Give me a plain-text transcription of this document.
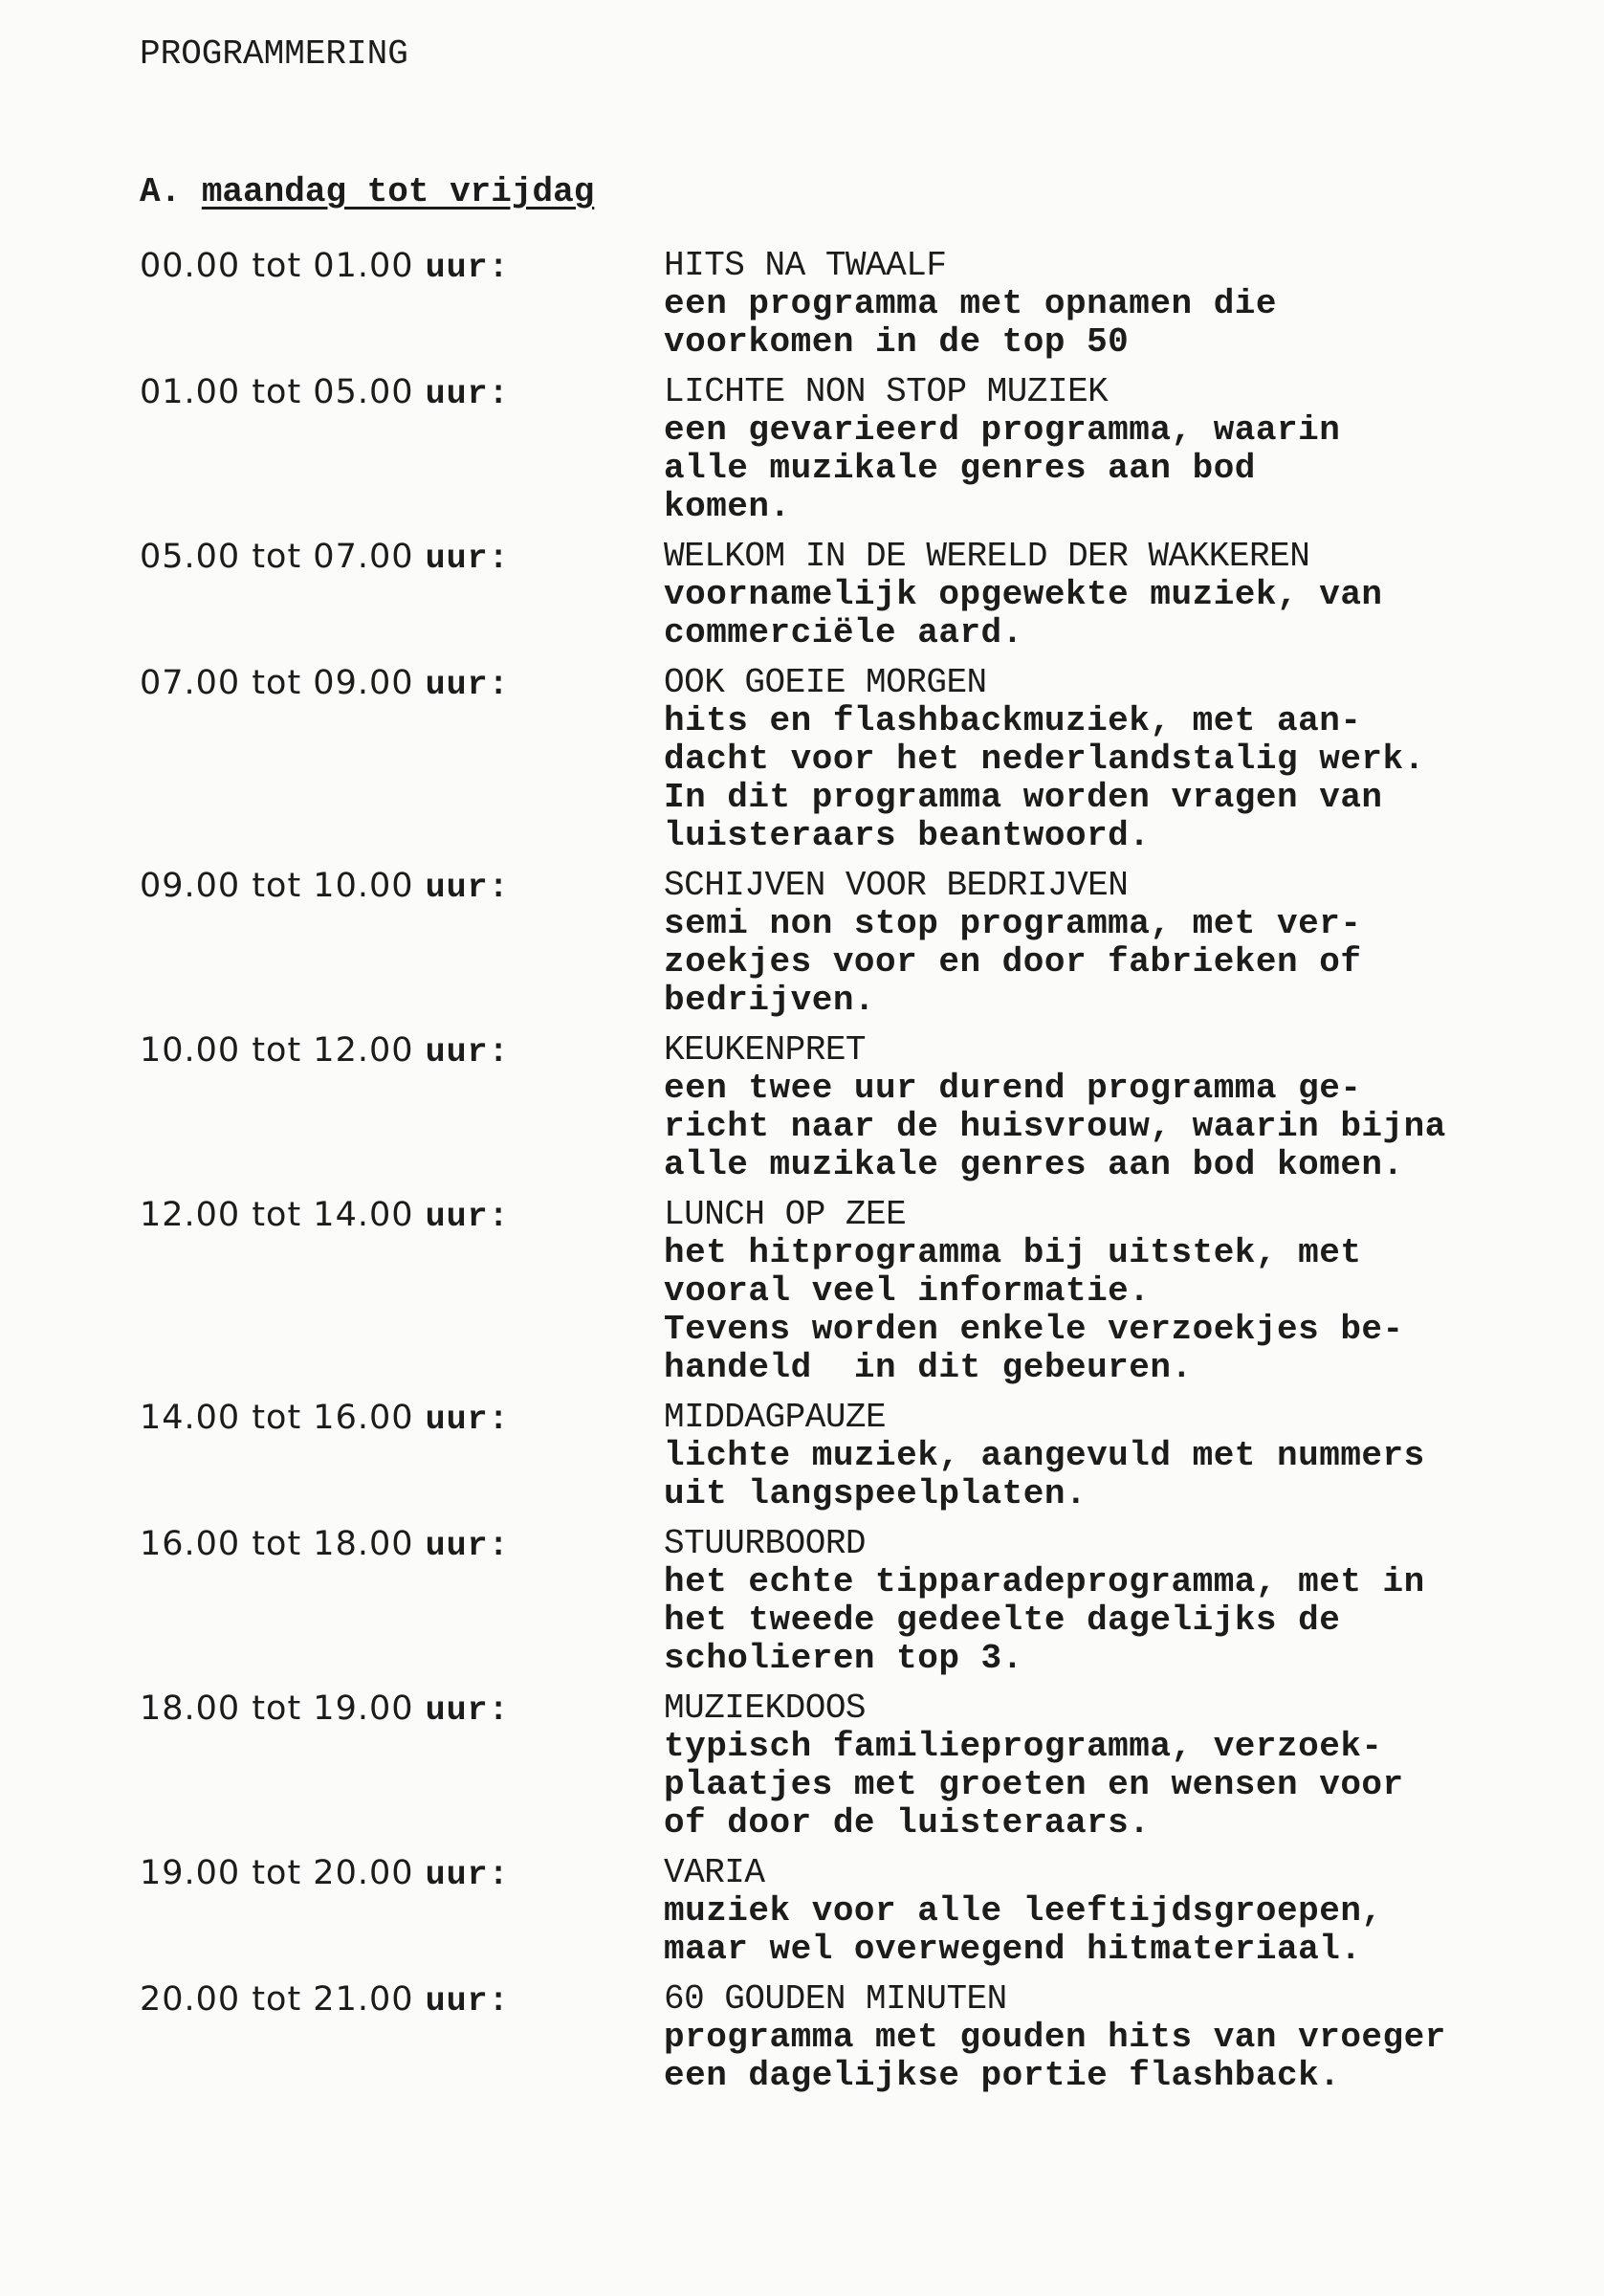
PROGRAMMERING
A. maandag tot vrijdag
00.00 tot 01.00 uur:	HITS NA TWAALF
een programma met opnamen die
voorkomen in de top 50
01.00 tot 05.00 uur:	LICHTE NON STOP MUZIEK
een gevarieerd programma, waarin
alle muzikale genres aan bod
komen.
05.00 tot 07.00 uur:	WELKOM IN DE WERELD DER WAKKEREN
voornamelijk opgewekte muziek, van
commerciële aard.
07.00 tot 09.00 uur:	OOK GOEIE MORGEN
hits en flashbackmuziek, met aan-
dacht voor het nederlandstalig werk.
In dit programma worden vragen van
luisteraars beantwoord.
09.00 tot 10.00 uur:	SCHIJVEN VOOR BEDRIJVEN
semi non stop programma, met ver-
zoekjes voor en door fabrieken of
bedrijven.
10.00 tot 12.00 uur:	KEUKENPRET
een twee uur durend programma ge-
richt naar de huisvrouw, waarin bijna
alle muzikale genres aan bod komen.
12.00 tot 14.00 uur:	LUNCH OP ZEE
het hitprogramma bij uitstek, met
vooral veel informatie.
Tevens worden enkele verzoekjes be-
handeld  in dit gebeuren.
14.00 tot 16.00 uur:	MIDDAGPAUZE
lichte muziek, aangevuld met nummers
uit langspeelplaten.
16.00 tot 18.00 uur:	STUURBOORD
het echte tipparadeprogramma, met in
het tweede gedeelte dagelijks de
scholieren top 3.
18.00 tot 19.00 uur:	MUZIEKDOOS
typisch familieprogramma, verzoek-
plaatjes met groeten en wensen voor
of door de luisteraars.
19.00 tot 20.00 uur:	VARIA
muziek voor alle leeftijdsgroepen,
maar wel overwegend hitmateriaal.
20.00 tot 21.00 uur:	60 GOUDEN MINUTEN
programma met gouden hits van vroeger
een dagelijkse portie flashback.
